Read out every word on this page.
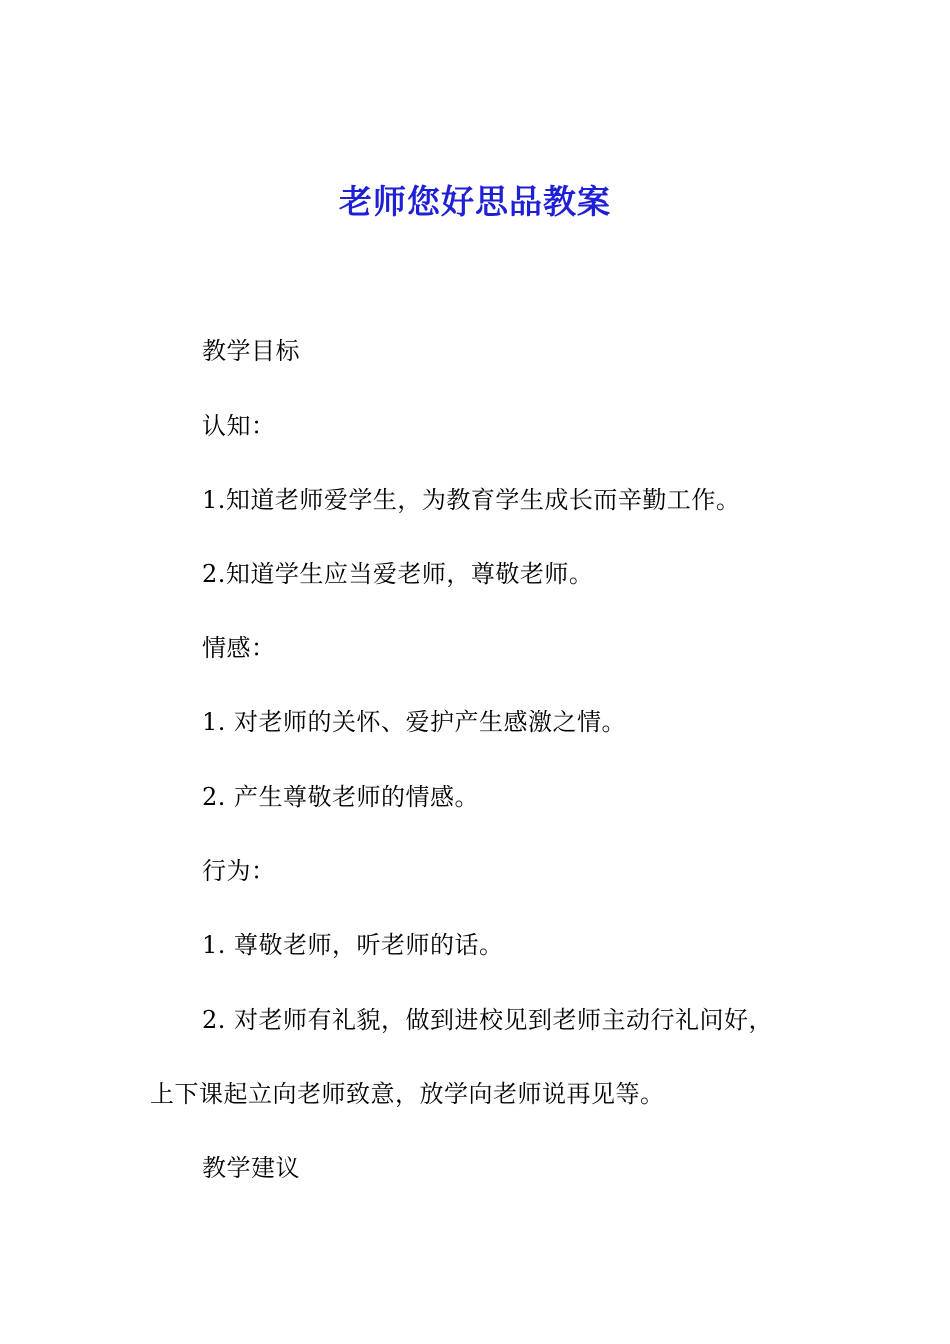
老师您好思品教案
教学目标
认知：
1.知道老师爱学生，为教育学生成长而辛勤工作。
2.知道学生应当爱老师，尊敬老师。
情感：
1. 对老师的关怀、爱护产生感激之情。
2. 产生尊敬老师的情感。
行为：
1. 尊敬老师，听老师的话。
2. 对老师有礼貌，做到进校见到老师主动行礼问好，
上下课起立向老师致意，放学向老师说再见等。
教学建议
